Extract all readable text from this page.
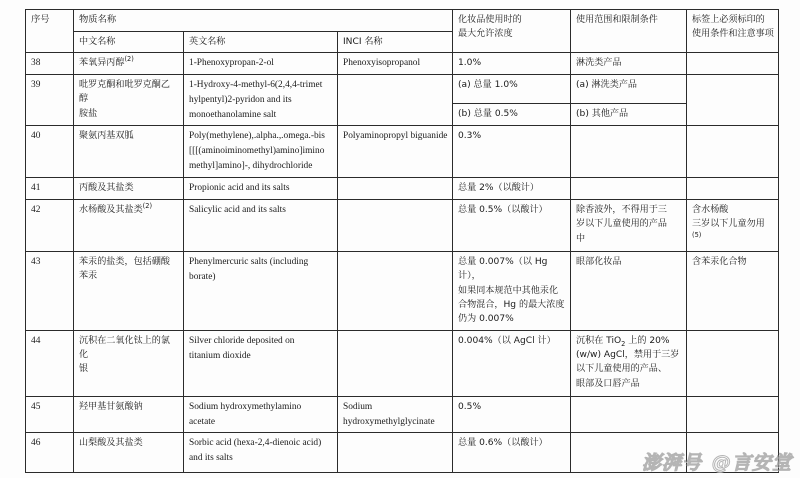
序号	物质名称			化妆品使用时的
最大允许浓度	使用范围和限制条件	标签上必须标印的
使用条件和注意事项

	中文名称	英文名称	INCI 名称			
38	苯氧异丙醇$^{(2)}$	1-Phenoxypropan-2-ol	Phenoxyisopropanol	1.0%	淋洗类产品	

39	吡罗克酮和吡罗克酮乙醇
胺盐	1-Hydroxy-4-methyl-6(2,4,4-trimet
hylpentyl)2-pyridon and its
monoethanolamine salt		(a) 总量 1.0%	(a) 淋洗类产品	

				(b) 总量 0.5%	(b) 其他产品	

40	聚氨丙基双胍	Poly(methylene),.alpha.,.omega.-bis
[[[(aminoiminomethyl)amino]imino
methyl]amino]-, dihydrochloride	Polyaminopropyl biguanide	0.3%		

41	丙酸及其盐类	Propionic acid and its salts		总量 2%（以酸计）		

42	水杨酸及其盐类$^{(2)}$	Salicylic acid and its salts		总量 0.5%（以酸计）	除香波外，不得用于三
岁以下儿童使用的产品
中	含水杨酸
三岁以下儿童勿用$^{(5)}$

43	苯汞的盐类，包括硼酸苯汞	Phenylmercuric salts (including
borate)		总量 0.007%（以 Hg 计），
如果同本规范中其他汞化
合物混合，Hg 的最大浓度
仍为 0.007%	眼部化妆品	含苯汞化合物

44	沉积在二氧化钛上的氯化
银	Silver chloride deposited on
titanium dioxide		0.004%（以 AgCl 计）	沉积在 TiO$_2$ 上的 20%
(w/w) AgCl，禁用于三岁
以下儿童使用的产品、
眼部及口唇产品	

45	羟甲基甘氨酸钠	Sodium hydroxymethylamino
acetate	Sodium
hydroxymethylglycinate	0.5%		

46	山梨酸及其盐类	Sorbic acid (hexa-2,4-dienoic acid)
and its salts		总量 0.6%（以酸计）		

澎湃号 @言安堂
